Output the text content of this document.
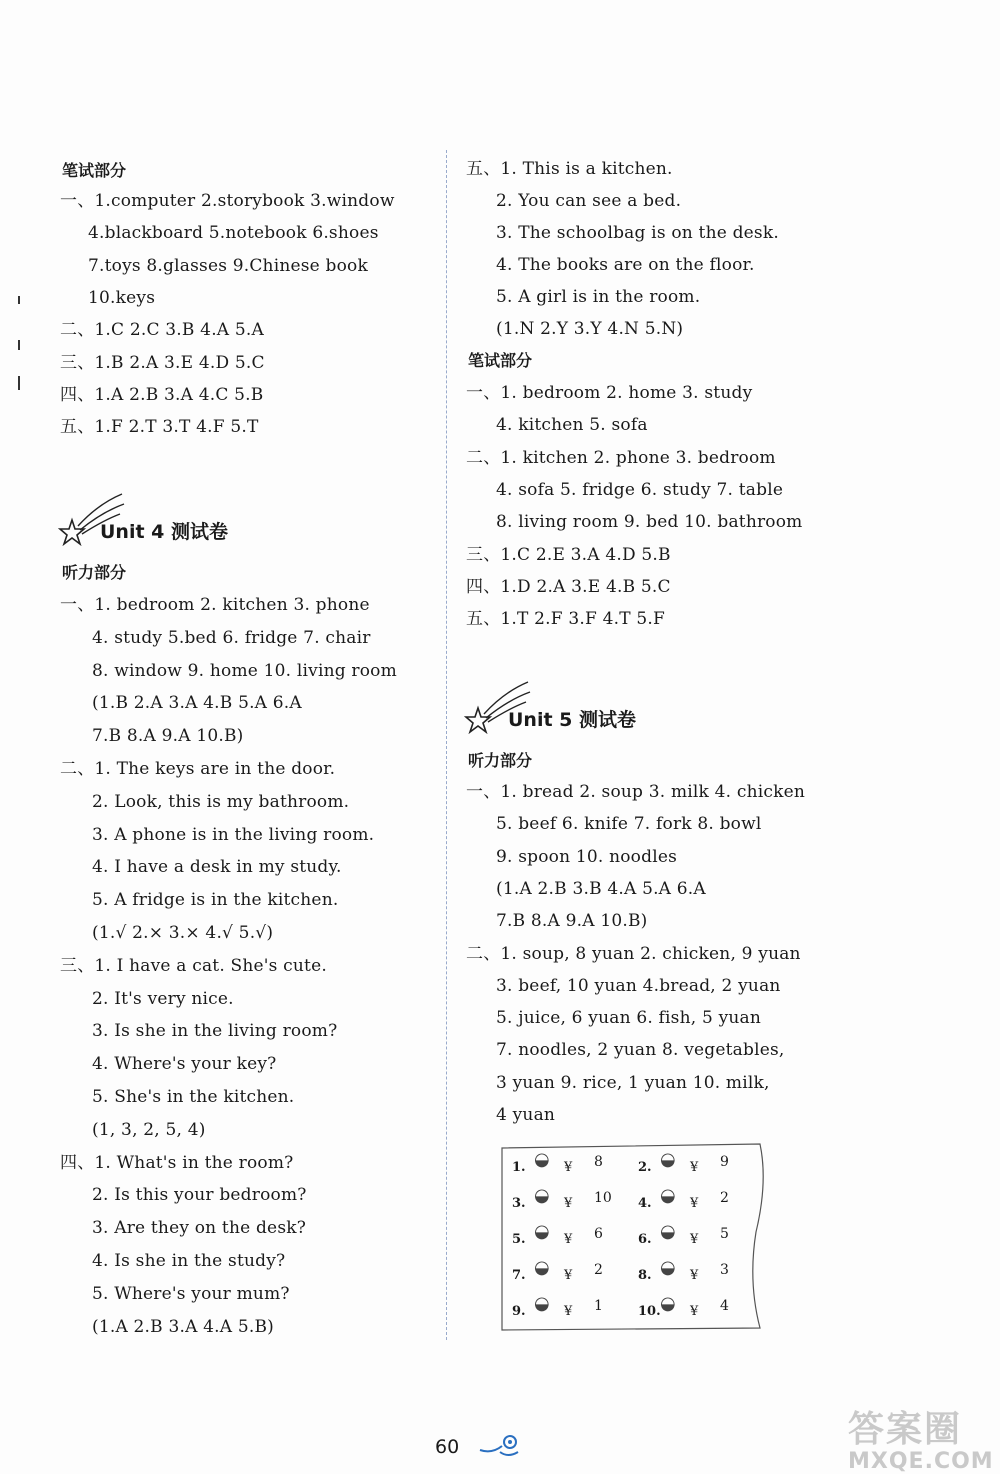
笔试部分
一、1.computer 2.storybook 3.window
4.blackboard 5.notebook 6.shoes
7.toys 8.glasses 9.Chinese book
10.keys
二、1.C 2.C 3.B 4.A 5.A
三、1.B 2.A 3.E 4.D 5.C
四、1.A 2.B 3.A 4.C 5.B
五、1.F 2.T 3.T 4.F 5.T
Unit 4 测试卷
听力部分
一、1. bedroom 2. kitchen 3. phone
4. study 5.bed 6. fridge 7. chair
8. window 9. home 10. living room
(1.B 2.A 3.A 4.B 5.A 6.A
7.B 8.A 9.A 10.B)
二、1. The keys are in the door.
2. Look, this is my bathroom.
3. A phone is in the living room.
4. I have a desk in my study.
5. A fridge is in the kitchen.
(1.√ 2.× 3.× 4.√ 5.√)
三、1. I have a cat. She's cute.
2. It's very nice.
3. Is she in the living room?
4. Where's your key?
5. She's in the kitchen.
(1, 3, 2, 5, 4)
四、1. What's in the room?
2. Is this your bedroom?
3. Are they on the desk?
4. Is she in the study?
5. Where's your mum?
(1.A 2.B 3.A 4.A 5.B)
五、1. This is a kitchen.
2. You can see a bed.
3. The schoolbag is on the desk.
4. The books are on the floor.
5. A girl is in the room.
(1.N 2.Y 3.Y 4.N 5.N)
笔试部分
一、1. bedroom 2. home 3. study
4. kitchen 5. sofa
二、1. kitchen 2. phone 3. bedroom
4. sofa 5. fridge 6. study 7. table
8. living room 9. bed 10. bathroom
三、1.C 2.E 3.A 4.D 5.B
四、1.D 2.A 3.E 4.B 5.C
五、1.T 2.F 3.F 4.T 5.F
Unit 5 测试卷
听力部分
一、1. bread 2. soup 3. milk 4. chicken
5. beef 6. knife 7. fork 8. bowl
9. spoon 10. noodles
(1.A 2.B 3.B 4.A 5.A 6.A
7.B 8.A 9.A 10.B)
二、1. soup, 8 yuan 2. chicken, 9 yuan
3. beef, 10 yuan 4.bread, 2 yuan
5. juice, 6 yuan 6. fish, 5 yuan
7. noodles, 2 yuan 8. vegetables,
3 yuan 9. rice, 1 yuan 10. milk,
4 yuan
1. ◒ ¥ 8	2. ◒ ¥ 9
3. ◒ ¥ 10 4. ◒ ¥ 2
5. ◒ ¥ 6	6. ◒ ¥ 5
7. ◒ ¥ 2	8. ◒ ¥ 3
9. ◒ ¥ 1	10. ◒ ¥ 4
60	答案圈
MXQE.COM
